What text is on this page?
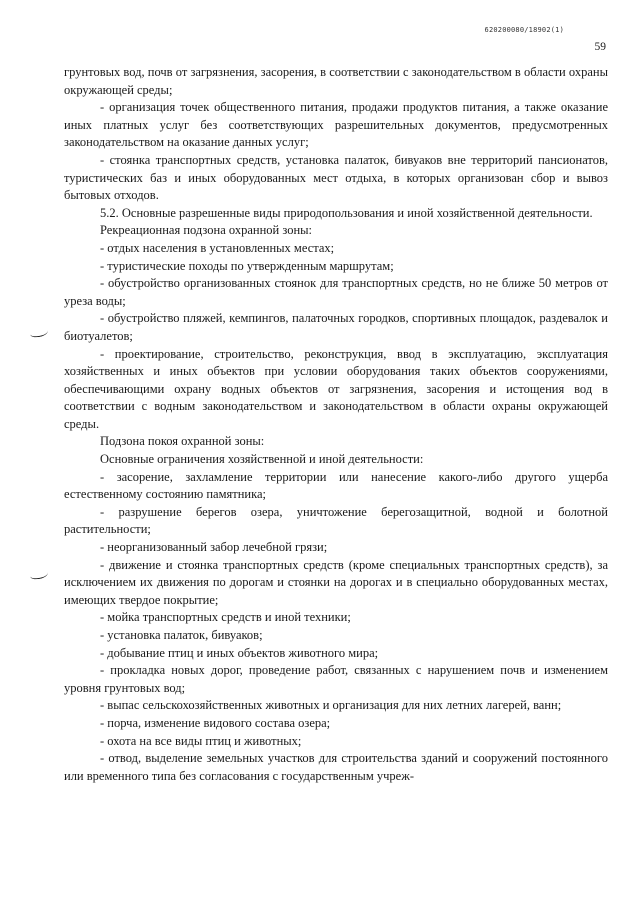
620200080/18902(1)
59

грунтовых вод, почв от загрязнения, засорения, в соответствии с законодательством в области охраны окружающей среды;

- организация точек общественного питания, продажи продуктов питания, а также оказание иных платных услуг без соответствующих разрешительных документов, предусмотренных законодательством на оказание данных услуг;

- стоянка транспортных средств, установка палаток, бивуаков вне территорий пансионатов, туристических баз и иных оборудованных мест отдыха, в которых организован сбор и вывоз бытовых отходов.

5.2. Основные разрешенные виды природопользования и иной хозяйственной деятельности.

Рекреационная подзона охранной зоны:

- отдых населения в установленных местах;

- туристические походы по утвержденным маршрутам;

- обустройство организованных стоянок для транспортных средств, но не ближе 50 метров от уреза воды;

- обустройство пляжей, кемпингов, палаточных городков, спортивных площадок, раздевалок и биотуалетов;

- проектирование, строительство, реконструкция, ввод в эксплуатацию, эксплуатация хозяйственных и иных объектов при условии оборудования таких объектов сооружениями, обеспечивающими охрану водных объектов от загрязнения, засорения и истощения вод в соответствии с водным законодательством и законодательством в области охраны окружающей среды.

Подзона покоя охранной зоны:

Основные ограничения хозяйственной и иной деятельности:

- засорение, захламление территории или нанесение какого-либо другого ущерба естественному состоянию памятника;

- разрушение берегов озера, уничтожение берегозащитной, водной и болотной растительности;

- неорганизованный забор лечебной грязи;

- движение и стоянка транспортных средств (кроме специальных транспортных средств), за исключением их движения по дорогам и стоянки на дорогах и в специально оборудованных местах, имеющих твердое покрытие;

- мойка транспортных средств и иной техники;

- установка палаток, бивуаков;

- добывание птиц и иных объектов животного мира;

- прокладка новых дорог, проведение работ, связанных с нарушением почв и изменением уровня грунтовых вод;

- выпас сельскохозяйственных животных и организация для них летних лагерей, ванн;

- порча, изменение видового состава озера;

- охота на все виды птиц и животных;

- отвод, выделение земельных участков для строительства зданий и сооружений постоянного или временного типа без согласования с государственным учреж-
